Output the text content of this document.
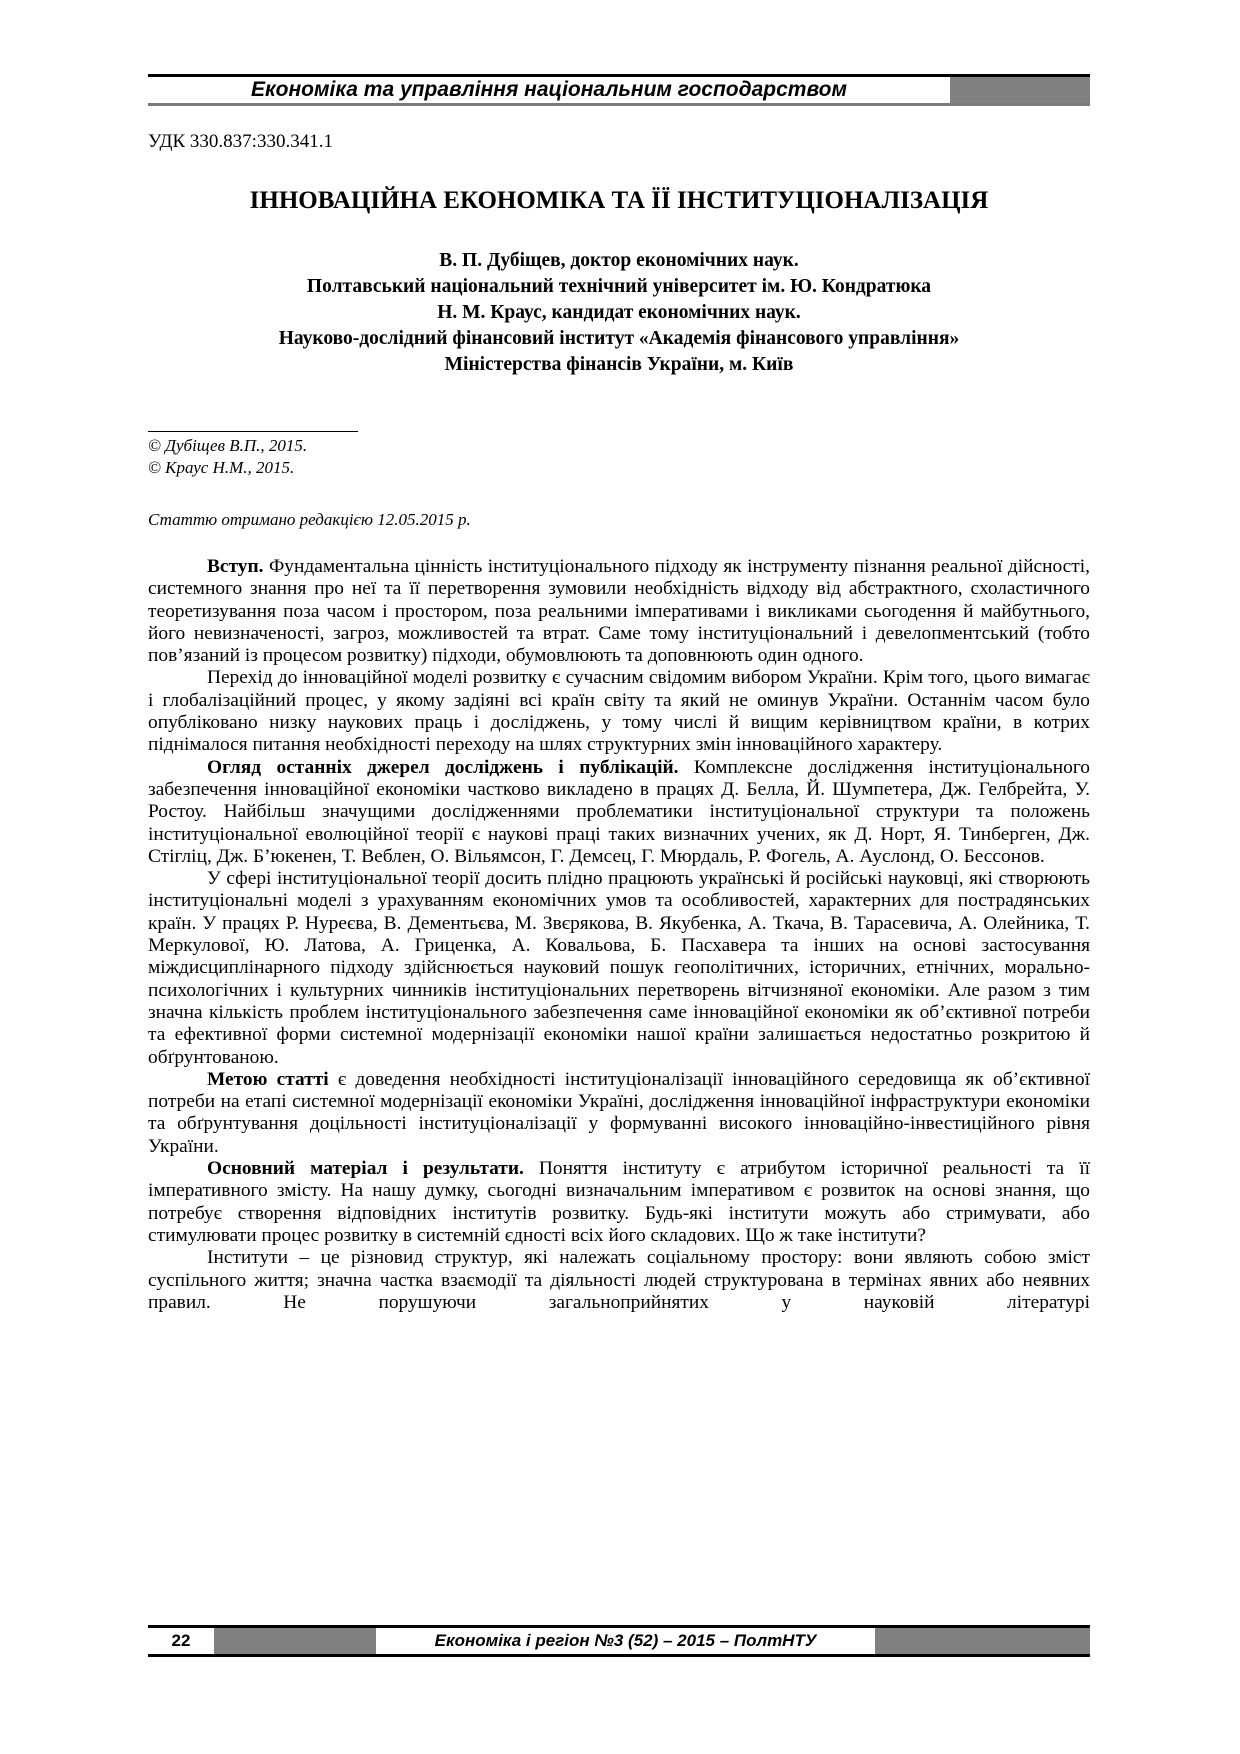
Економіка та управління національним господарством
УДК 330.837:330.341.1
ІННОВАЦІЙНА ЕКОНОМІКА ТА ЇЇ ІНСТИТУЦІОНАЛІЗАЦІЯ
В. П. Дубіщев, доктор економічних наук.
Полтавський національний технічний університет ім. Ю. Кондратюка
Н. М. Краус, кандидат економічних наук.
Науково-дослідний фінансовий інститут «Академія фінансового управління»
Міністерства фінансів України, м. Київ
© Дубіщев В.П., 2015.
© Краус Н.М., 2015.
Статтю отримано редакцією 12.05.2015 р.

Вступ. Фундаментальна цінність інституціонального підходу як інструменту пізнання реальної дійсності, системного знання про неї та її перетворення зумовили необхідність відходу від абстрактного, схоластичного теоретизування поза часом і простором, поза реальними імперативами і викликами сьогодення й майбутнього, його невизначеності, загроз, можливостей та втрат. Саме тому інституціональний і девелопментський (тобто пов’язаний із процесом розвитку) підходи, обумовлюють та доповнюють один одного.

Перехід до інноваційної моделі розвитку є сучасним свідомим вибором України. Крім того, цього вимагає і глобалізаційний процес, у якому задіяні всі країн світу та який не оминув України. Останнім часом було опубліковано низку наукових праць і досліджень, у тому числі й вищим керівництвом країни, в котрих піднімалося питання необхідності переходу на шлях структурних змін інноваційного характеру.

Огляд останніх джерел досліджень і публікацій. Комплексне дослідження інституціонального забезпечення інноваційної економіки частково викладено в працях Д. Белла, Й. Шумпетера, Дж. Гелбрейта, У. Ростоу. Найбільш значущими дослідженнями проблематики інституціональної структури та положень інституціональної еволюційної теорії є наукові праці таких визначних учених, як Д. Норт, Я. Тинберген, Дж. Стігліц, Дж. Б’юкенен, Т. Веблен, О. Вільямсон, Г. Демсец, Г. Мюрдаль, Р. Фогель, А. Ауслонд, О. Бессонов.

У сфері інституціональної теорії досить плідно працюють українські й російські науковці, які створюють інституціональні моделі з урахуванням економічних умов та особливостей, характерних для пострадянських країн. У працях Р. Нуреєва, В. Дементьєва, М. Звєрякова, В. Якубенка, А. Ткача, В. Тарасевича, А. Олейника, Т. Меркулової, Ю. Латова, А. Гриценка, А. Ковальова, Б. Пасхавера та інших на основі застосування міждисциплінарного підходу здійснюється науковий пошук геополітичних, історичних, етнічних, морально-психологічних і культурних чинників інституціональних перетворень вітчизняної економіки. Але разом з тим значна кількість проблем інституціонального забезпечення саме інноваційної економіки як об’єктивної потреби та ефективної форми системної модернізації економіки нашої країни залишається недостатньо розкритою й обґрунтованою.

Метою статті є доведення необхідності інституціоналізації інноваційного середовища як об’єктивної потреби на етапі системної модернізації економіки Україні, дослідження інноваційної інфраструктури економіки та обґрунтування доцільності інституціоналізації у формуванні високого інноваційно-інвестиційного рівня України.

Основний матеріал і результати. Поняття інституту є атрибутом історичної реальності та її імперативного змісту. На нашу думку, сьогодні визначальним імперативом є розвиток на основі знання, що потребує створення відповідних інститутів розвитку. Будь-які інститути можуть або стримувати, або стимулювати процес розвитку в системній єдності всіх його складових. Що ж таке інститути?

Інститути – це різновид структур, які належать соціальному простору: вони являють собою зміст суспільного життя; значна частка взаємодії та діяльності людей структурована в термінах явних або неявних правил. Не порушуючи загальноприйнятих у науковій літературі

22	Економіка і регіон №3 (52) – 2015 – ПолтНТУ
